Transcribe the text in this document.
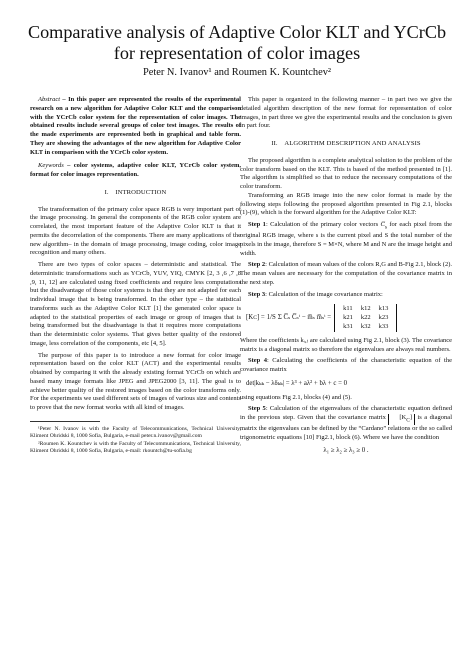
Comparative analysis of Adaptive Color KLT and YCrCb for representation of color images
Peter N. Ivanov¹ and Roumen K. Kountchev²

Abstract – In this paper are represented the results of the experimental research on a new algorithm for Adaptive Color KLT and the comparison with the YCrCb color system for the representation of color images. The obtained results include several groups of color test images. The results of the made experiments are represented both in graphical and table form. They are showing the advantages of the new algorithm for Adaptive Color KLT in comparison with the YCrCb color system.

Keywords – color systems, adaptive color KLT, YCrCb color system, format for color images representation.

I. INTRODUCTION

The transformation of the primary color space RGB is very important part of the image processing. In general the components of the RGB color system are correlated, the most important feature of the Adaptive Color KLT is that it permits the decorrelation of the components. There are many applications of the new algorithm– in the domain of image processing, image coding, color image recognition and many others.

There are two types of color spaces – deterministic and statistical. The deterministic transformations such as YCrCb, YUV, YIQ, CMYK [2, 3 ,6 ,7 ,8 ,9, 11, 12] are calculated using fixed coefficients and require less computations but the disadvantage of those color systems is that they are not adapted for each individual image that is being transformed. In the other type – the statistical transforms such as the Adaptive Color KLT [1] the generated color space is adapted to the statistical properties of each image or group of images that is being transformed but the disadvantage is that it requires more computations than the deterministic color systems. That gives better quality of the restored image, less correlation of the components, etc [4, 5].

The purpose of this paper is to introduce a new format for color image representation based on the color KLT (ACT) and the experimental results obtained by comparing it with the already existing format YCrCb on which are based many image formats like JPEG and JPEG2000 [3, 11]. The goal is to achieve better quality of the restored images based on the color transforms only. For the experiments we used different sets of images of various size and contents to prove that the new format works with all kind of images.

¹Peter N. Ivanov is with the Faculty of Telecommunications, Technical University, Kliment Ohridski 8, 1000 Sofia, Bulgaria, e-mail peter.n.ivanov@gmail.com

²Roumen K. Kountchev is with the Faculty of Telecommunications, Technical University, Kliment Ohridski 8, 1000 Sofia, Bulgaria, e-mail: rkountch@tu-sofia.bg

This paper is organized in the following manner – in part two we give the detailed algorithm description of the new format for representation of color images, in part three we give the experimental results and the conclusion is given in part four.

II. ALGORITHM DESCRIPTION AND ANALYSIS

The proposed algorithm is a complete analytical solution to the problem of the color transform based on the KLT. This is based of the method presented in [1]. The algorithm is simplified so that to reduce the necessary computations of the color transform.

Transforming an RGB image into the new color format is made by the following steps following the proposed algorithm presented in Fig 2.1, blocks (1)-(9), which is the forward algorithm for the Adaptive Color KLT:

Step 1: Calculation of the primary color vectors $C̅_s$ for each pixel from the original RGB image, where s is the current pixel and S the total number of the pixels in the image, therefore S = M×N, where M and N are the image height and width.

Step 2: Calculation of mean values of the colors R,G and B-Fig 2.1, block (2). The mean values are necessary for the computation of the covariance matrix in the next step.

Step 3: Calculation of the image covariance matrix:

[K C ] = 1/S Σ C̅ₛ C̅ₛᵗ − m̅ₛ m̅ₛᵗ =
k11	k12	k13
k21	k22	k23
k31	k32	k33

Where the coefficients kᵢ,ⱼ are calculated using Fig 2.1, block (3). The covariance matrix is a diagonal matrix so therefore the eigenvalues are always real numbers.

Step 4: Calculating the coefficients of the characteristic equation of the covariance matrix

det|kₖₖ − λδₖₖ| = λ³ + aλ² + bλ + c = 0

using equations Fig 2.1, blocks (4) and (5).

Step 5: Calculation of the eigenvalues of the characteristic equation defined in the previous step. Given that the covariance matrix $[K_C]$ is a diagonal matrix the eigenvalues can be defined by the “Cardano” relations or the so called trigonometric equations [10] Fig2.1, block (6). Where we have the condition

λ₁ ≥ λ₂ ≥ λ₃ ≥ 0 .
